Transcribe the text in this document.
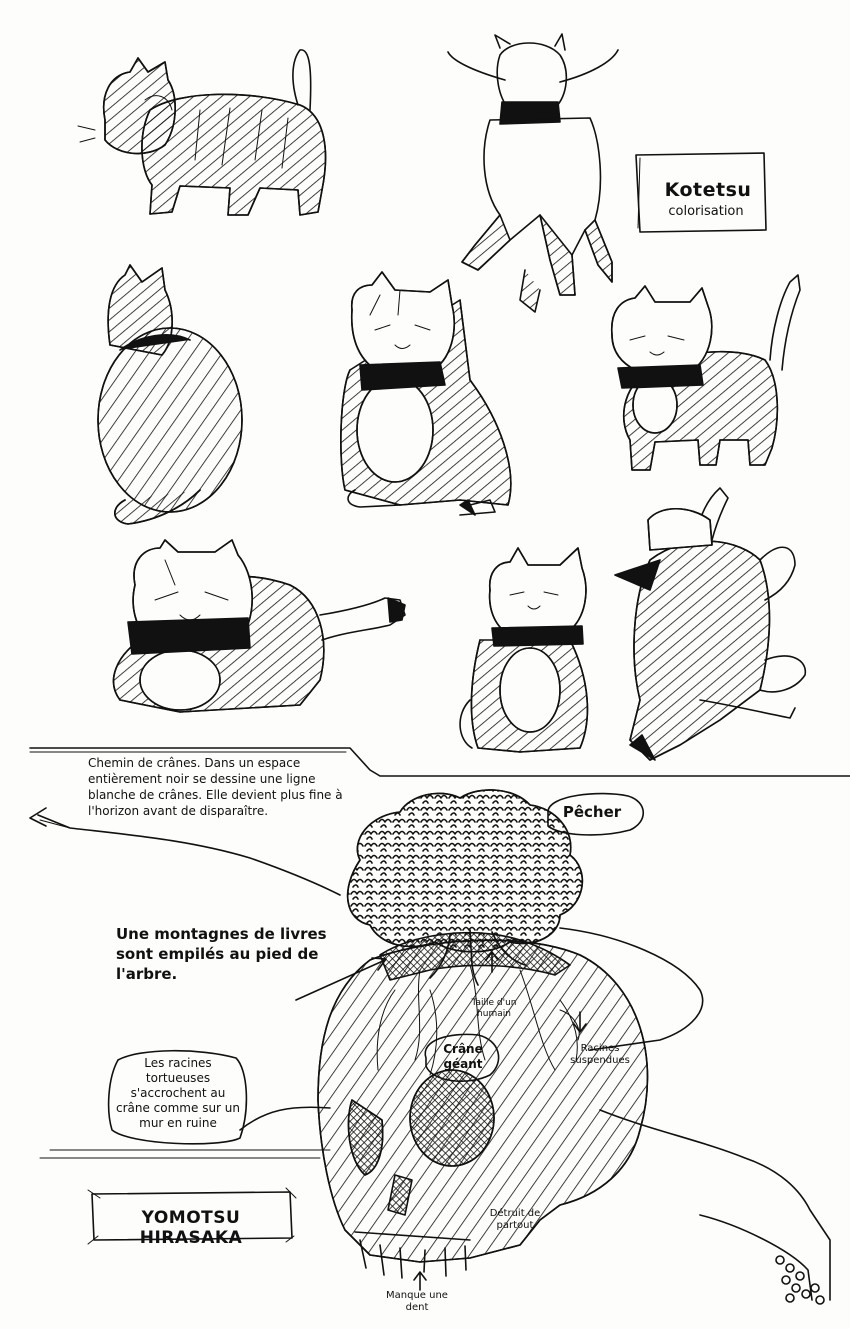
Kotetsu
colorisation
Chemin de crânes. Dans un espace entièrement noir se dessine une ligne blanche de crânes. Elle devient plus fine à l'horizon avant de disparaître.	Pêcher
Une montagnes de livres sont empilés au pied de l'arbre.
Taille d'un humain
Crâne géant
Racines suspendues
Les racines tortueuses s'accrochent au crâne comme sur un mur en ruine
YOMOTSU HIRASAKA
Détruit de partout
Manque une dent
